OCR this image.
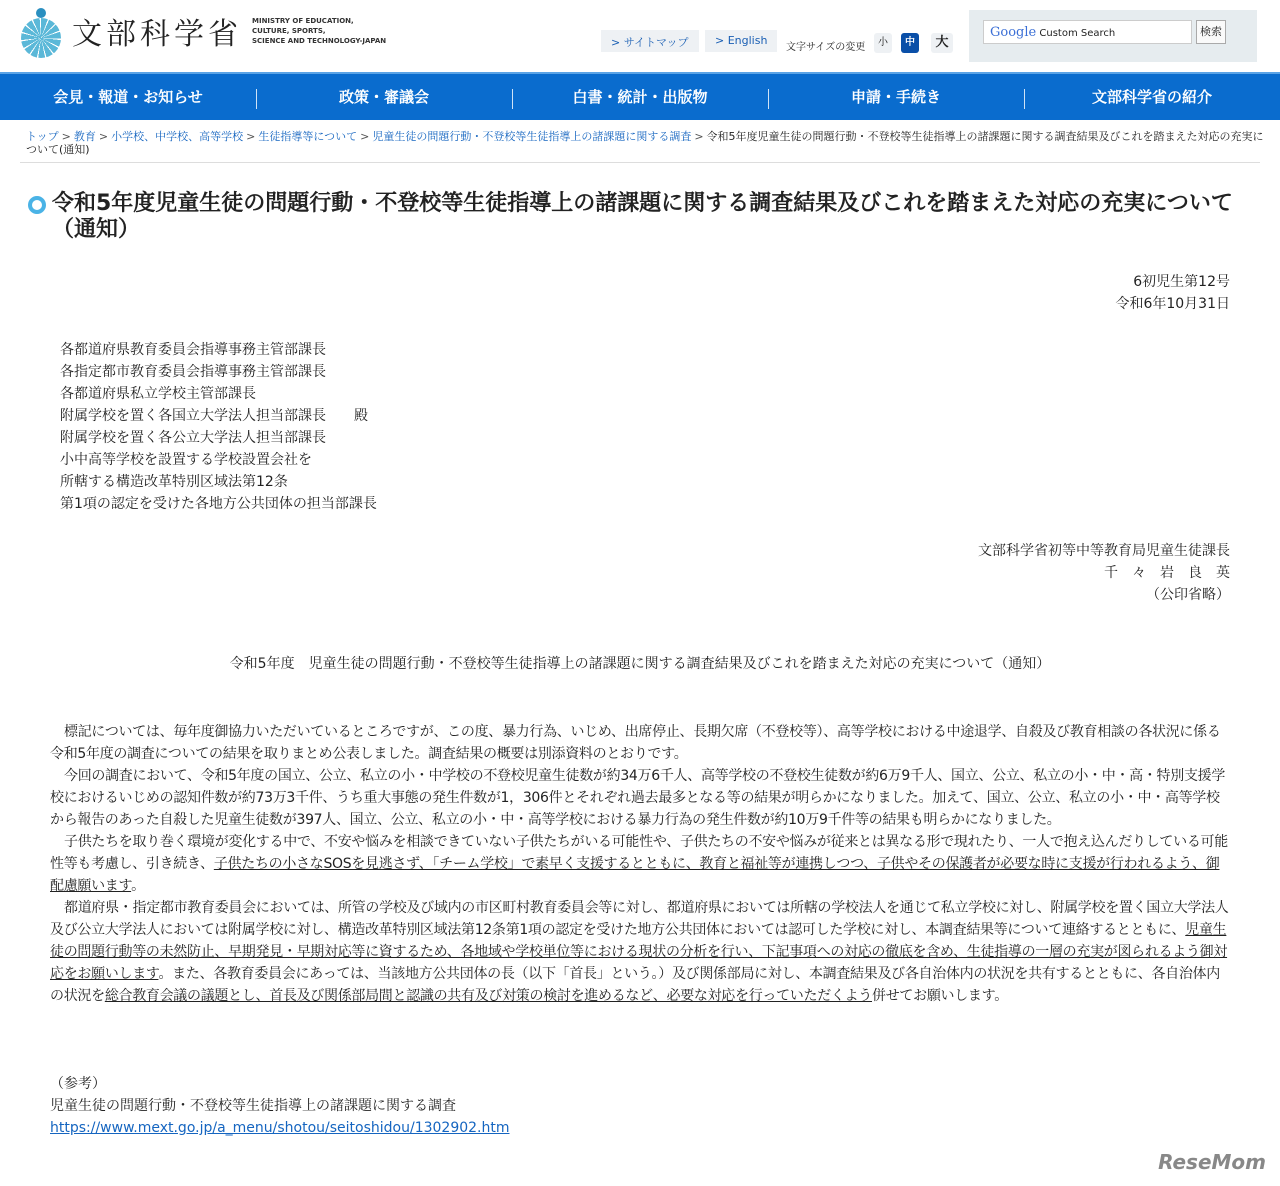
文部科学省 MINISTRY OF EDUCATION,
CULTURE, SPORTS,
SCIENCE AND TECHNOLOGY-JAPAN	> サイトマップ	> English
文字サイズの変更	小	中	大
Google Custom Search	検索
会見・報道・お知らせ	政策・審議会	白書・統計・出版物	申請・手続き	文部科学省の紹介
トップ > 教育 > 小学校、中学校、高等学校 > 生徒指導等について > 児童生徒の問題行動・不登校等生徒指導上の諸課題に関する調査 > 令和5年度児童生徒の問題行動・不登校等生徒指導上の諸課題に関する調査結果及びこれを踏まえた対応の充実について(通知)
令和5年度児童生徒の問題行動・不登校等生徒指導上の諸課題に関する調査結果及びこれを踏まえた対応の充実について（通知）
6初児生第12号
令和6年10月31日
各都道府県教育委員会指導事務主管部課長
各指定都市教育委員会指導事務主管部課長
各都道府県私立学校主管部課長
附属学校を置く各国立大学法人担当部課長　　殿
附属学校を置く各公立大学法人担当部課長
小中高等学校を設置する学校設置会社を
所轄する構造改革特別区域法第12条
第1項の認定を受けた各地方公共団体の担当部課長
文部科学省初等中等教育局児童生徒課長
千　々　岩　良　英
（公印省略）
令和5年度　児童生徒の問題行動・不登校等生徒指導上の諸課題に関する調査結果及びこれを踏まえた対応の充実について（通知）

標記については、毎年度御協力いただいているところですが、この度、暴力行為、いじめ、出席停止、長期欠席（不登校等）、高等学校における中途退学、自殺及び教育相談の各状況に係る令和5年度の調査についての結果を取りまとめ公表しました。調査結果の概要は別添資料のとおりです。

今回の調査において、令和5年度の国立、公立、私立の小・中学校の不登校児童生徒数が約34万6千人、高等学校の不登校生徒数が約6万9千人、国立、公立、私立の小・中・高・特別支援学校におけるいじめの認知件数が約73万3千件、うち重大事態の発生件数が1，306件とそれぞれ過去最多となる等の結果が明らかになりました。加えて、国立、公立、私立の小・中・高等学校から報告のあった自殺した児童生徒数が397人、国立、公立、私立の小・中・高等学校における暴力行為の発生件数が約10万9千件等の結果も明らかになりました。

子供たちを取り巻く環境が変化する中で、不安や悩みを相談できていない子供たちがいる可能性や、子供たちの不安や悩みが従来とは異なる形で現れたり、一人で抱え込んだりしている可能性等も考慮し、引き続き、子供たちの小さなSOSを見逃さず、「チーム学校」で素早く支援するとともに、教育と福祉等が連携しつつ、子供やその保護者が必要な時に支援が行われるよう、御配慮願います。

都道府県・指定都市教育委員会においては、所管の学校及び域内の市区町村教育委員会等に対し、都道府県においては所轄の学校法人を通じて私立学校に対し、附属学校を置く国立大学法人及び公立大学法人においては附属学校に対し、構造改革特別区域法第12条第1項の認定を受けた地方公共団体においては認可した学校に対し、本調査結果等について連絡するとともに、児童生徒の問題行動等の未然防止、早期発見・早期対応等に資するため、各地域や学校単位等における現状の分析を行い、下記事項への対応の徹底を含め、生徒指導の一層の充実が図られるよう御対応をお願いします。また、各教育委員会にあっては、当該地方公共団体の長（以下「首長」という。）及び関係部局に対し、本調査結果及び各自治体内の状況を共有するとともに、各自治体内の状況を総合教育会議の議題とし、首長及び関係部局間と認識の共有及び対策の検討を進めるなど、必要な対応を行っていただくよう併せてお願いします。

（参考）
児童生徒の問題行動・不登校等生徒指導上の諸課題に関する調査
https://www.mext.go.jp/a_menu/shotou/seitoshidou/1302902.htm
ReseMom
